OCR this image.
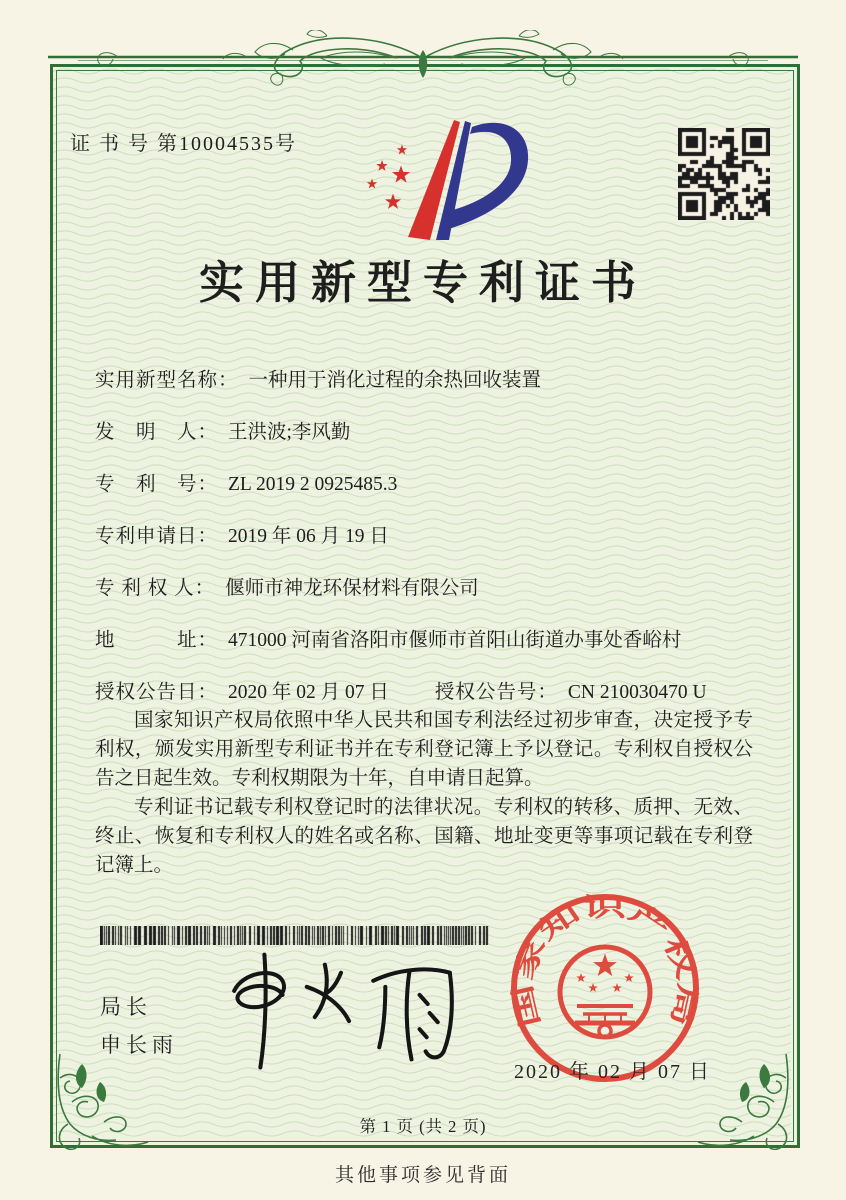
证 书 号 第10004535号
实用新型专利证书
实用新型名称： 一种用于消化过程的余热回收装置
发　明　人： 王洪波;李风勤
专　利　号： ZL 2019 2 0925485.3
专利申请日： 2019 年 06 月 19 日
专 利 权 人： 偃师市神龙环保材料有限公司
地　　　址： 471000 河南省洛阳市偃师市首阳山街道办事处香峪村
授权公告日： 2020 年 02 月 07 日 授权公告号： CN 210030470 U

国家知识产权局依照中华人民共和国专利法经过初步审查，决定授予专利权，颁发实用新型专利证书并在专利登记簿上予以登记。专利权自授权公告之日起生效。专利权期限为十年，自申请日起算。

专利证书记载专利权登记时的法律状况。专利权的转移、质押、无效、终止、恢复和专利权人的姓名或名称、国籍、地址变更等事项记载在专利登记簿上。

局长
申长雨
国家知识产权局
2020 年 02 月 07 日
第 1 页 (共 2 页)
其他事项参见背面
